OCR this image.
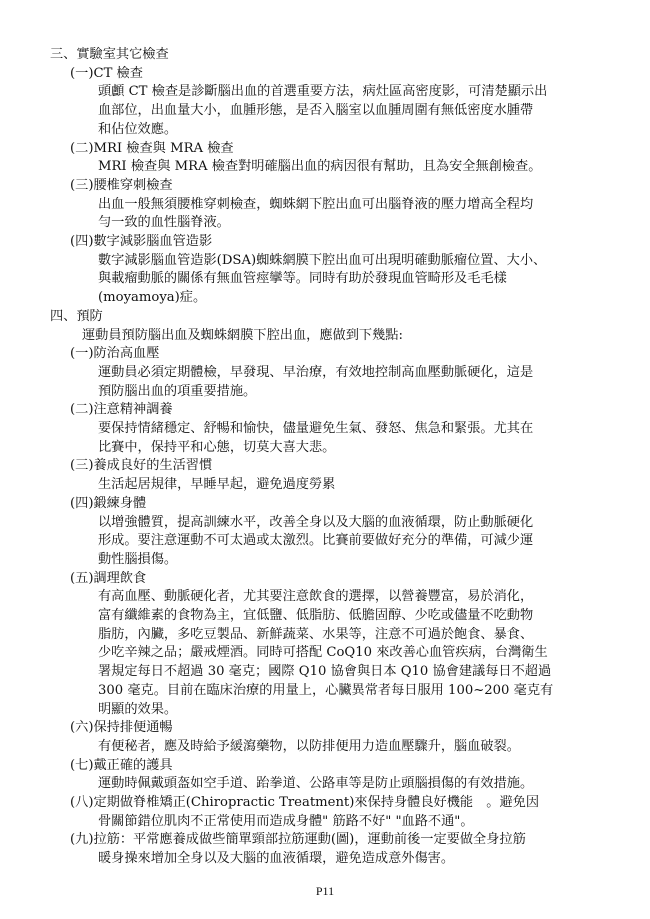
三、實驗室其它檢查
(一)CT 檢查
頭顱 CT 檢查是診斷腦出血的首選重要方法，病灶區高密度影，可清楚顯示出
血部位，出血量大小，血腫形態，是否入腦室以血腫周圍有無低密度水腫帶
和佔位效應。
(二)MRI 檢查與 MRA 檢查
MRI 檢查與 MRA 檢查對明確腦出血的病因很有幫助，且為安全無創檢查。
(三)腰椎穿刺檢查
出血一般無須腰椎穿刺檢查，蜘蛛網下腔出血可出腦脊液的壓力增高全程均
勻一致的血性腦脊液。
(四)數字減影腦血管造影
數字減影腦血管造影(DSA)蜘蛛網膜下腔出血可出現明確動脈瘤位置、大小、
與載瘤動脈的關係有無血管痙攣等。同時有助於發現血管畸形及毛毛樣
(moyamoya)症。
四、預防
運動員預防腦出血及蜘蛛網膜下腔出血，應做到下幾點:
(一)防治高血壓
運動員必須定期體檢，早發現、早治療，有效地控制高血壓動脈硬化，這是
預防腦出血的項重要措施。
(二)注意精神調養
要保持情緒穩定、舒暢和愉快，儘量避免生氣、發怒、焦急和緊張。尤其在
比賽中，保持平和心態，切莫大喜大悲。
(三)養成良好的生活習慣
生活起居規律，早睡早起，避免過度勞累
(四)鍛練身體
以增強體質，提高訓練水平，改善全身以及大腦的血液循環，防止動脈硬化
形成。要注意運動不可太過或太激烈。比賽前要做好充分的準備，可減少運
動性腦損傷。
(五)調理飲食
有高血壓、動脈硬化者，尤其要注意飲食的選擇，以營養豐富，易於消化，
富有纖維素的食物為主，宜低鹽、低脂肪、低膽固醇、少吃或儘量不吃動物
脂肪，內臟，多吃豆製品、新鮮蔬菜、水果等，注意不可過於飽食、暴食、
少吃辛辣之品；嚴戒煙酒。同時可搭配 CoQ10 來改善心血管疾病，台灣衛生
署規定每日不超過 30 毫克；國際 Q10 協會與日本 Q10 協會建議每日不超過
300 毫克。目前在臨床治療的用量上，心臟異常者每日服用 100~200 毫克有
明顯的效果。
(六)保持排便通暢
有便秘者，應及時給予緩瀉藥物，以防排便用力造血壓驟升，腦血破裂。
(七)戴正確的護具
運動時佩戴頭盔如空手道、跆拳道、公路車等是防止頭腦損傷的有效措施。
(八)定期做脊椎矯正(Chiropractic Treatment)來保持身體良好機能　。避免因
骨關節錯位肌肉不正常使用而造成身體" 筋路不好" "血路不通"。
(九)拉筋：平常應養成做些簡單頸部拉筋運動(圖)，運動前後一定要做全身拉筋
暖身操來增加全身以及大腦的血液循環，避免造成意外傷害。
P11
